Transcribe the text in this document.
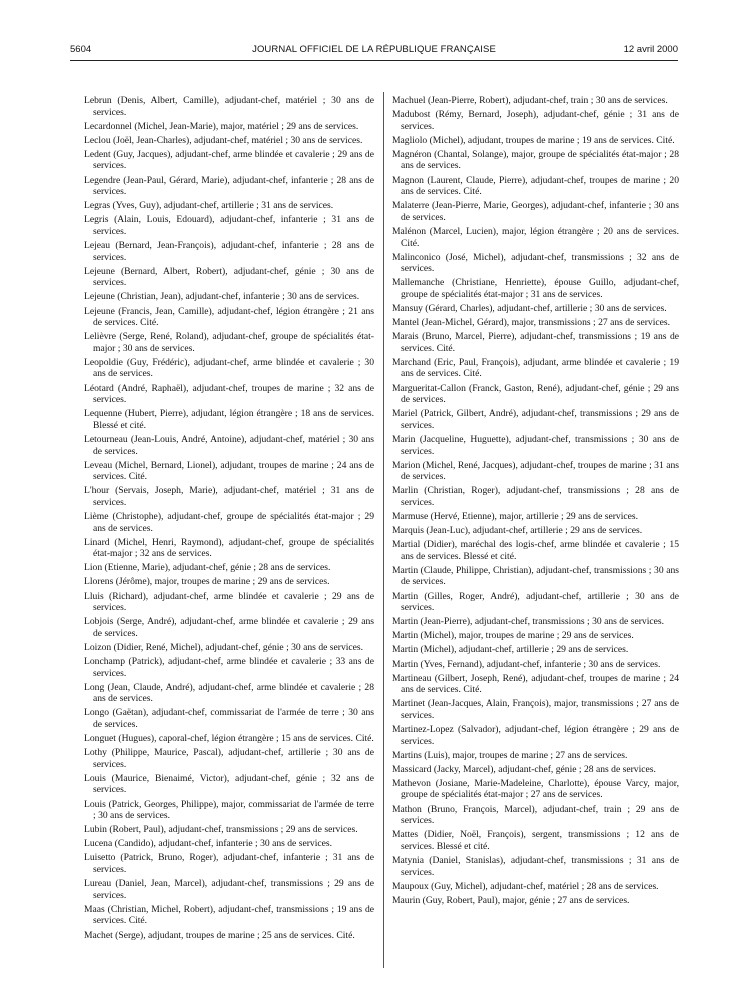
5604	JOURNAL OFFICIEL DE LA RÉPUBLIQUE FRANÇAISE	12 avril 2000

Lebrun (Denis, Albert, Camille), adjudant-chef, matériel ; 30 ans de services.

Lecardonnel (Michel, Jean-Marie), major, matériel ; 29 ans de services.

Leclou (Joël, Jean-Charles), adjudant-chef, matériel ; 30 ans de services.

Ledent (Guy, Jacques), adjudant-chef, arme blindée et cavalerie ; 29 ans de services.

Legendre (Jean-Paul, Gérard, Marie), adjudant-chef, infanterie ; 28 ans de services.

Legras (Yves, Guy), adjudant-chef, artillerie ; 31 ans de services.

Legris (Alain, Louis, Edouard), adjudant-chef, infanterie ; 31 ans de services.

Lejeau (Bernard, Jean-François), adjudant-chef, infanterie ; 28 ans de services.

Lejeune (Bernard, Albert, Robert), adjudant-chef, génie ; 30 ans de services.

Lejeune (Christian, Jean), adjudant-chef, infanterie ; 30 ans de services.

Lejeune (Francis, Jean, Camille), adjudant-chef, légion étrangère ; 21 ans de services. Cité.

Lelièvre (Serge, René, Roland), adjudant-chef, groupe de spécialités état-major ; 30 ans de services.

Leopoldie (Guy, Frédéric), adjudant-chef, arme blindée et cavalerie ; 30 ans de services.

Léotard (André, Raphaël), adjudant-chef, troupes de marine ; 32 ans de services.

Lequenne (Hubert, Pierre), adjudant, légion étrangère ; 18 ans de services. Blessé et cité.

Letourneau (Jean-Louis, André, Antoine), adjudant-chef, matériel ; 30 ans de services.

Leveau (Michel, Bernard, Lionel), adjudant, troupes de marine ; 24 ans de services. Cité.

L'hour (Servais, Joseph, Marie), adjudant-chef, matériel ; 31 ans de services.

Lième (Christophe), adjudant-chef, groupe de spécialités état-major ; 29 ans de services.

Linard (Michel, Henri, Raymond), adjudant-chef, groupe de spécialités état-major ; 32 ans de services.

Lion (Etienne, Marie), adjudant-chef, génie ; 28 ans de services.

Llorens (Jérôme), major, troupes de marine ; 29 ans de services.

Lluis (Richard), adjudant-chef, arme blindée et cavalerie ; 29 ans de services.

Lobjois (Serge, André), adjudant-chef, arme blindée et cavalerie ; 29 ans de services.

Loizon (Didier, René, Michel), adjudant-chef, génie ; 30 ans de services.

Lonchamp (Patrick), adjudant-chef, arme blindée et cavalerie ; 33 ans de services.

Long (Jean, Claude, André), adjudant-chef, arme blindée et cavalerie ; 28 ans de services.

Longo (Gaëtan), adjudant-chef, commissariat de l'armée de terre ; 30 ans de services.

Longuet (Hugues), caporal-chef, légion étrangère ; 15 ans de services. Cité.

Lothy (Philippe, Maurice, Pascal), adjudant-chef, artillerie ; 30 ans de services.

Louis (Maurice, Bienaimé, Victor), adjudant-chef, génie ; 32 ans de services.

Louis (Patrick, Georges, Philippe), major, commissariat de l'armée de terre ; 30 ans de services.

Lubin (Robert, Paul), adjudant-chef, transmissions ; 29 ans de services.

Lucena (Candido), adjudant-chef, infanterie ; 30 ans de services.

Luisetto (Patrick, Bruno, Roger), adjudant-chef, infanterie ; 31 ans de services.

Lureau (Daniel, Jean, Marcel), adjudant-chef, transmissions ; 29 ans de services.

Maas (Christian, Michel, Robert), adjudant-chef, transmissions ; 19 ans de services. Cité.

Machet (Serge), adjudant, troupes de marine ; 25 ans de services. Cité.

Machuel (Jean-Pierre, Robert), adjudant-chef, train ; 30 ans de services.

Madubost (Rémy, Bernard, Joseph), adjudant-chef, génie ; 31 ans de services.

Magliolo (Michel), adjudant, troupes de marine ; 19 ans de services. Cité.

Magnéron (Chantal, Solange), major, groupe de spécialités état-major ; 28 ans de services.

Magnon (Laurent, Claude, Pierre), adjudant-chef, troupes de marine ; 20 ans de services. Cité.

Malaterre (Jean-Pierre, Marie, Georges), adjudant-chef, infanterie ; 30 ans de services.

Malénon (Marcel, Lucien), major, légion étrangère ; 20 ans de services. Cité.

Malinconico (José, Michel), adjudant-chef, transmissions ; 32 ans de services.

Mallemanche (Christiane, Henriette), épouse Guillo, adjudant-chef, groupe de spécialités état-major ; 31 ans de services.

Mansuy (Gérard, Charles), adjudant-chef, artillerie ; 30 ans de services.

Mantel (Jean-Michel, Gérard), major, transmissions ; 27 ans de services.

Marais (Bruno, Marcel, Pierre), adjudant-chef, transmissions ; 19 ans de services. Cité.

Marchand (Eric, Paul, François), adjudant, arme blindée et cavalerie ; 19 ans de services. Cité.

Margueritat-Callon (Franck, Gaston, René), adjudant-chef, génie ; 29 ans de services.

Mariel (Patrick, Gilbert, André), adjudant-chef, transmissions ; 29 ans de services.

Marin (Jacqueline, Huguette), adjudant-chef, transmissions ; 30 ans de services.

Marion (Michel, René, Jacques), adjudant-chef, troupes de marine ; 31 ans de services.

Marlin (Christian, Roger), adjudant-chef, transmissions ; 28 ans de services.

Marmuse (Hervé, Etienne), major, artillerie ; 29 ans de services.

Marquis (Jean-Luc), adjudant-chef, artillerie ; 29 ans de services.

Martial (Didier), maréchal des logis-chef, arme blindée et cavalerie ; 15 ans de services. Blessé et cité.

Martin (Claude, Philippe, Christian), adjudant-chef, transmissions ; 30 ans de services.

Martin (Gilles, Roger, André), adjudant-chef, artillerie ; 30 ans de services.

Martin (Jean-Pierre), adjudant-chef, transmissions ; 30 ans de services.

Martin (Michel), major, troupes de marine ; 29 ans de services.

Martin (Michel), adjudant-chef, artillerie ; 29 ans de services.

Martin (Yves, Fernand), adjudant-chef, infanterie ; 30 ans de services.

Martineau (Gilbert, Joseph, René), adjudant-chef, troupes de marine ; 24 ans de services. Cité.

Martinet (Jean-Jacques, Alain, François), major, transmissions ; 27 ans de services.

Martinez-Lopez (Salvador), adjudant-chef, légion étrangère ; 29 ans de services.

Martins (Luis), major, troupes de marine ; 27 ans de services.

Massicard (Jacky, Marcel), adjudant-chef, génie ; 28 ans de services.

Mathevon (Josiane, Marie-Madeleine, Charlotte), épouse Varcy, major, groupe de spécialités état-major ; 27 ans de services.

Mathon (Bruno, François, Marcel), adjudant-chef, train ; 29 ans de services.

Mattes (Didier, Noël, François), sergent, transmissions ; 12 ans de services. Blessé et cité.

Matynia (Daniel, Stanislas), adjudant-chef, transmissions ; 31 ans de services.

Maupoux (Guy, Michel), adjudant-chef, matériel ; 28 ans de services.

Maurin (Guy, Robert, Paul), major, génie ; 27 ans de services.
